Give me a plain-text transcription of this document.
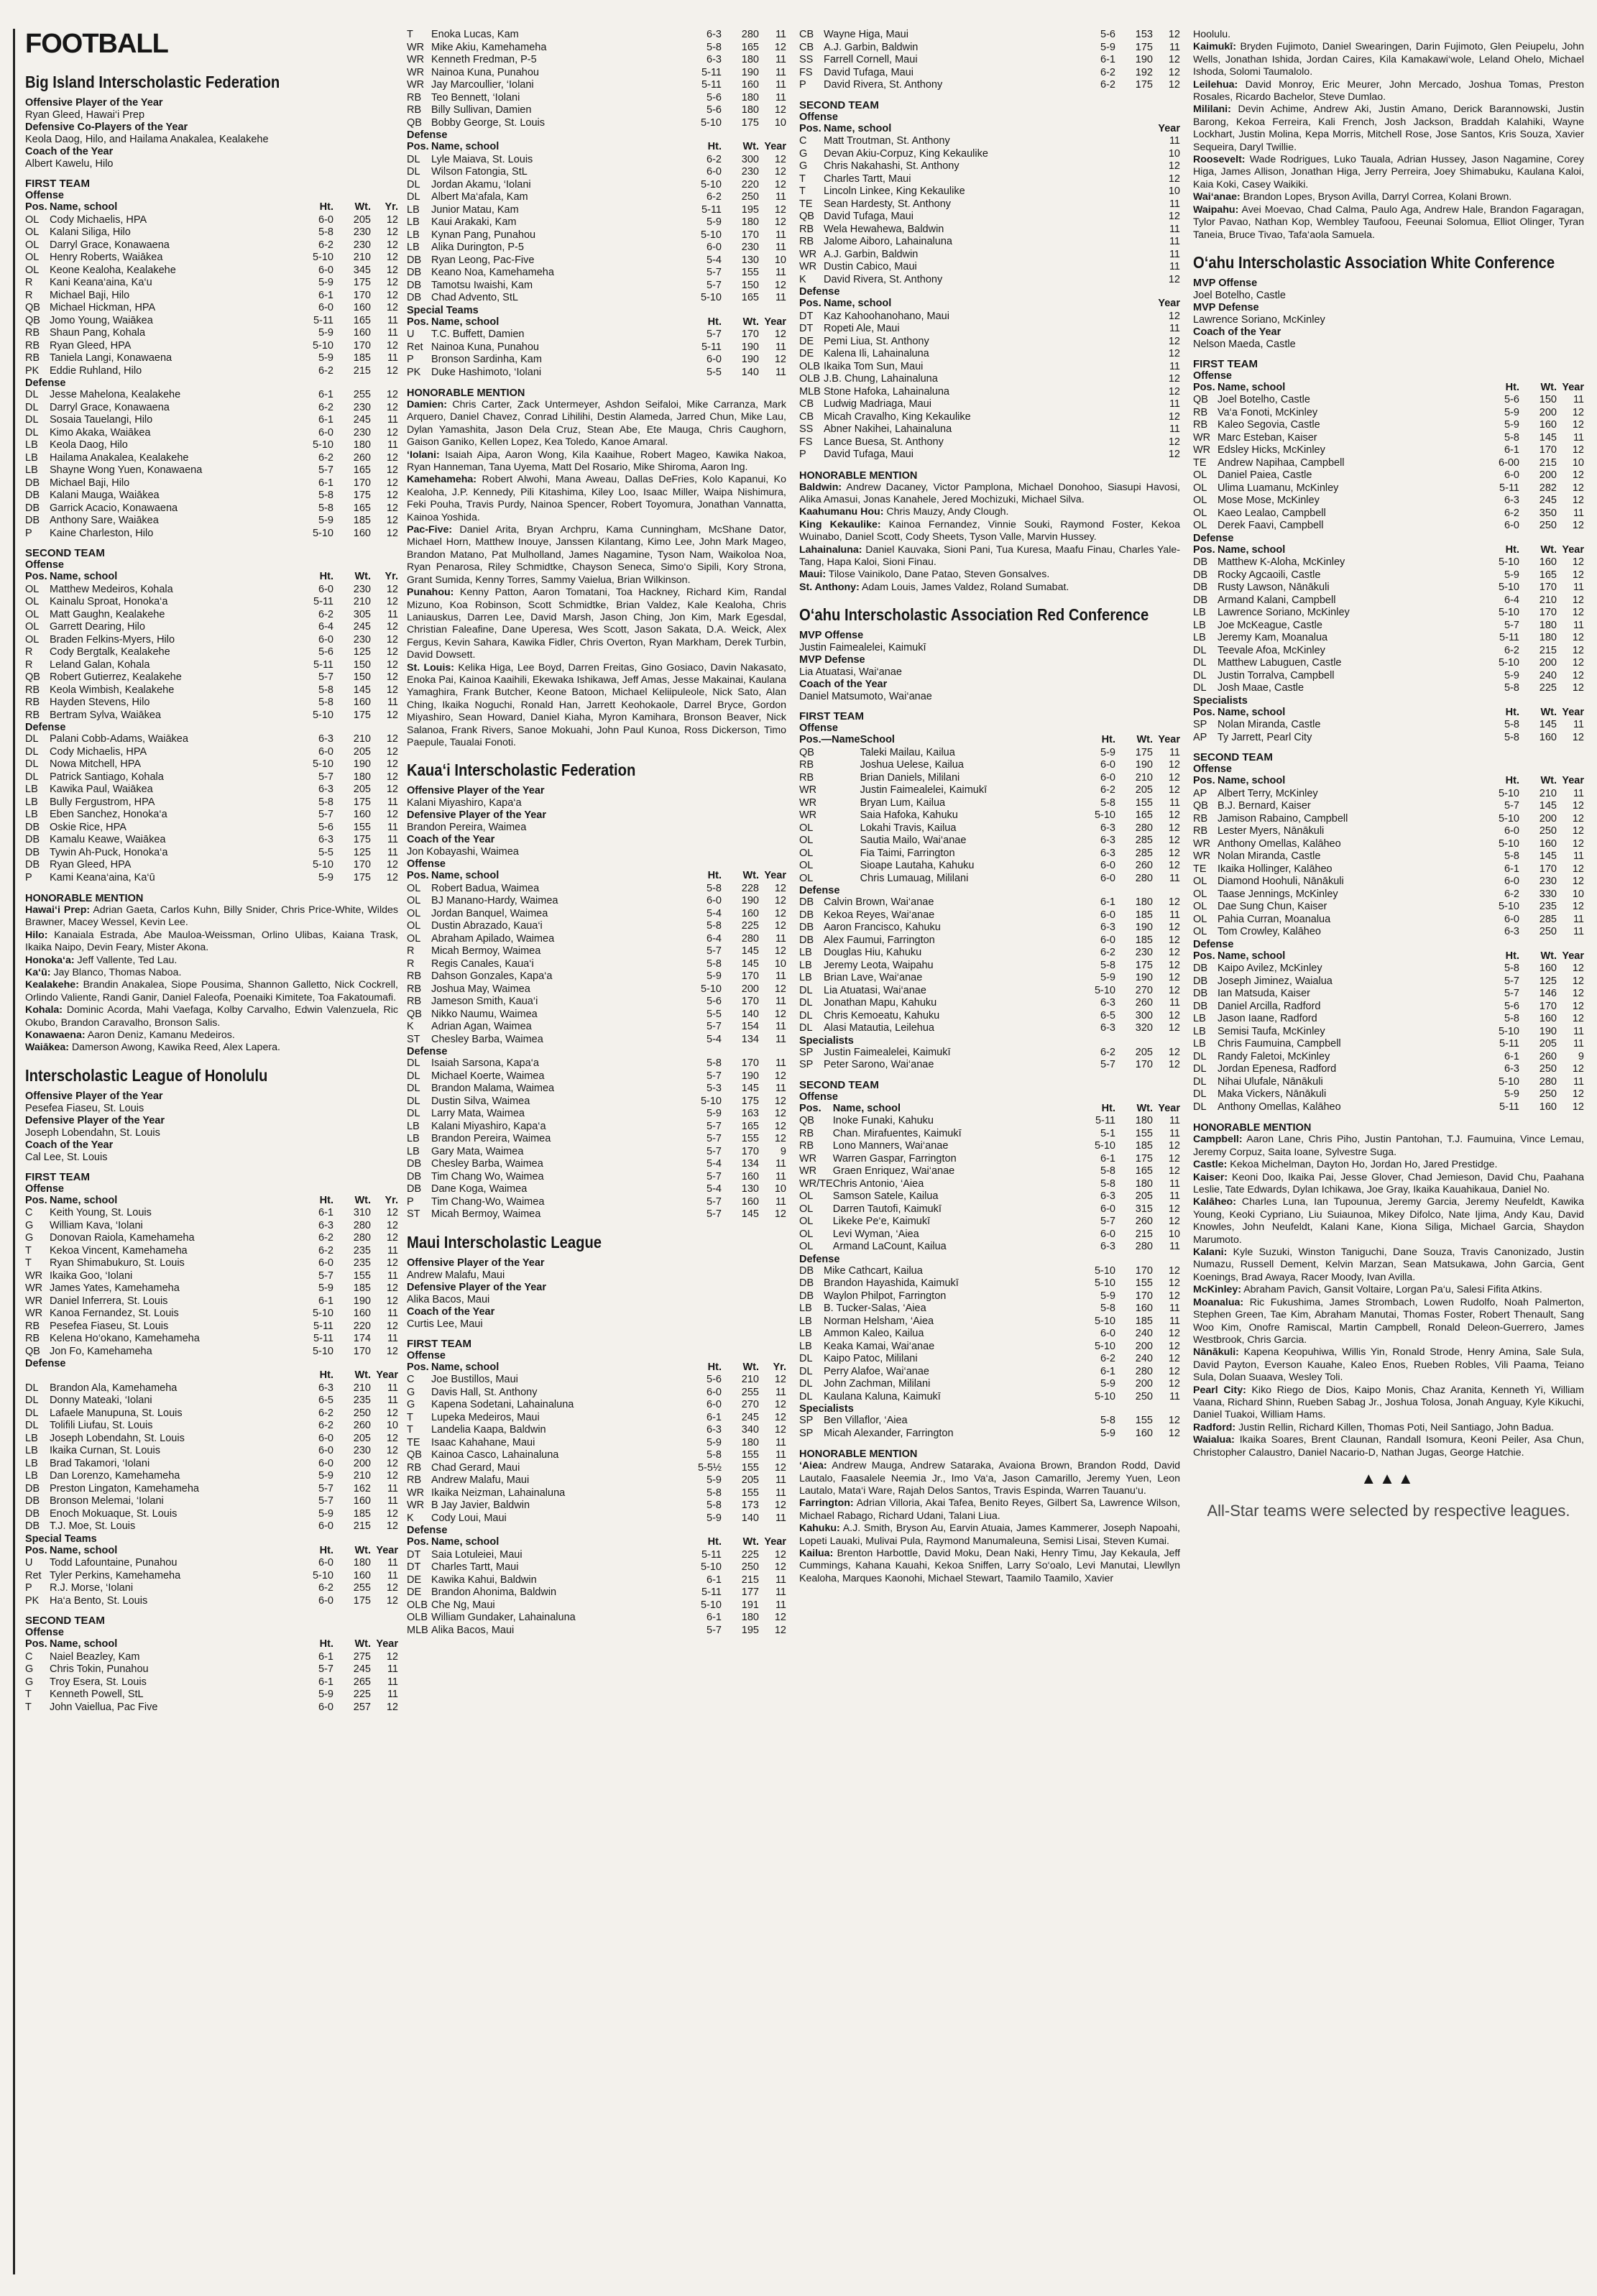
FOOTBALL
Big Island Interscholastic Federation
Offensive Player of the Year
Ryan Gleed, Hawai‘i Prep
Defensive Co-Players of the Year
Keola Daog, Hilo, and Hailama Anakalea, Kealakehe
Coach of the Year
Albert Kawelu, Hilo
FIRST TEAM
Offense
Pos.	Name, school	Ht.	Wt.	Yr.
OL	Cody Michaelis, HPA	6-0	205	12
OL	Kalani Siliga, Hilo	5-8	230	12
OL	Darryl Grace, Konawaena	6-2	230	12
OL	Henry Roberts, Waiākea	5-10	210	12
OL	Keone Kealoha, Kealakehe	6-0	345	12
R	Kani Keana‘aina, Ka‘u	5-9	175	12
R	Michael Baji, Hilo	6-1	170	12
QB	Michael Hickman, HPA	6-0	160	12
QB	Jomo Young, Waiākea	5-11	165	11
RB	Shaun Pang, Kohala	5-9	160	11
RB	Ryan Gleed, HPA	5-10	170	12
RB	Taniela Langi, Konawaena	5-9	185	11
PK	Eddie Ruhland, Hilo	6-2	215	12
Defense
DL	Jesse Mahelona, Kealakehe	6-1	255	12
DL	Darryl Grace, Konawaena	6-2	230	12
DL	Sosaia Tauelangi, Hilo	6-1	245	11
DL	Kimo Akaka, Waiākea	6-0	230	12
LB	Keola Daog, Hilo	5-10	180	11
LB	Hailama Anakalea, Kealakehe	6-2	260	12
LB	Shayne Wong Yuen, Konawaena	5-7	165	12
DB	Michael Baji, Hilo	6-1	170	12
DB	Kalani Mauga, Waiākea	5-8	175	12
DB	Garrick Acacio, Konawaena	5-8	165	12
DB	Anthony Sare, Waiākea	5-9	185	12
P	Kaine Charleston, Hilo	5-10	160	12
SECOND TEAM
Offense
Pos.	Name, school	Ht.	Wt.	Yr.
OL	Matthew Medeiros, Kohala	6-0	230	12
OL	Kainalu Sproat, Honoka‘a	5-11	210	12
OL	Matt Gaughn, Kealakehe	6-2	305	11
OL	Garrett Dearing, Hilo	6-4	245	12
OL	Braden Felkins-Myers, Hilo	6-0	230	12
R	Cody Bergtalk, Kealakehe	5-6	125	12
R	Leland Galan, Kohala	5-11	150	12
QB	Robert Gutierrez, Kealakehe	5-7	150	12
RB	Keola Wimbish, Kealakehe	5-8	145	12
RB	Hayden Stevens, Hilo	5-8	160	11
RB	Bertram Sylva, Waiākea	5-10	175	12
Defense
DL	Palani Cobb-Adams, Waiākea	6-3	210	12
DL	Cody Michaelis, HPA	6-0	205	12
DL	Nowa Mitchell, HPA	5-10	190	12
DL	Patrick Santiago, Kohala	5-7	180	12
LB	Kawika Paul, Waiākea	6-3	205	12
LB	Bully Fergustrom, HPA	5-8	175	11
LB	Eben Sanchez, Honoka‘a	5-7	160	12
DB	Oskie Rice, HPA	5-6	155	11
DB	Kamalu Keawe, Waiākea	6-3	175	11
DB	Tywin Ah-Puck, Honoka‘a	5-5	125	11
DB	Ryan Gleed, HPA	5-10	170	12
P	Kami Keana‘aina, Ka‘ū	5-9	175	12
HONORABLE MENTION

Hawai‘i Prep: Adrian Gaeta, Carlos Kuhn, Billy Snider, Chris Price-White, Wildes Brawner, Macey Wessel, Kevin Lee.

Hilo: Kanaiala Estrada, Abe Mauloa-Weissman, Orlino Ulibas, Kaiana Trask, Ikaika Naipo, Devin Feary, Mister Akona.

Honoka‘a: Jeff Vallente, Ted Lau.

Ka‘ū: Jay Blanco, Thomas Naboa.

Kealakehe: Brandin Anakalea, Siope Pousima, Shannon Galletto, Nick Cockrell, Orlindo Valiente, Randi Ganir, Daniel Faleofa, Poenaiki Kimitete, Toa Fakatoumafi.

Kohala: Dominic Acorda, Mahi Vaefaga, Kolby Carvalho, Edwin Valenzuela, Ric Okubo, Brandon Caravalho, Bronson Salis.

Konawaena: Aaron Deniz, Kamanu Medeiros.

Waiākea: Damerson Awong, Kawika Reed, Alex Lapera.

Interscholastic League of Honolulu
Offensive Player of the Year
Pesefea Fiaseu, St. Louis
Defensive Player of the Year
Joseph Lobendahn, St. Louis
Coach of the Year
Cal Lee, St. Louis
FIRST TEAM
Offense
Pos.	Name, school	Ht.	Wt.	Yr.
C	Keith Young, St. Louis	6-1	310	12
G	William Kava, ‘Iolani	6-3	280	12
G	Donovan Raiola, Kamehameha	6-2	280	12
T	Kekoa Vincent, Kamehameha	6-2	235	11
T	Ryan Shimabukuro, St. Louis	6-0	235	12
WR	Ikaika Goo, ‘Iolani	5-7	155	11
WR	James Yates, Kamehameha	5-9	185	12
WR	Daniel Inferrera, St. Louis	6-1	190	12
WR	Kanoa Fernandez, St. Louis	5-10	160	11
RB	Pesefea Fiaseu, St. Louis	5-11	220	12
RB	Kelena Ho‘okano, Kamehameha	5-11	174	11
QB	Jon Fo, Kamehameha	5-10	170	12
Defense
		Ht.	Wt.	Year
DL	Brandon Ala, Kamehameha	6-3	210	11
DL	Donny Mateaki, ‘Iolani	6-5	235	11
DL	Lafaele Manupuna, St. Louis	6-2	250	12
DL	Tolifili Liufau, St. Louis	6-2	260	10
LB	Joseph Lobendahn, St. Louis	6-0	205	12
LB	Ikaika Curnan, St. Louis	6-0	230	12
LB	Brad Takamori, ‘Iolani	6-0	200	12
LB	Dan Lorenzo, Kamehameha	5-9	210	12
DB	Preston Lingaton, Kamehameha	5-7	162	11
DB	Bronson Melemai, ‘Iolani	5-7	160	11
DB	Enoch Mokuaque, St. Louis	5-9	185	12
DB	T.J. Moe, St. Louis	6-0	215	12
Special Teams
Pos.	Name, school	Ht.	Wt.	Year
U	Todd Lafountaine, Punahou	6-0	180	11
Ret	Tyler Perkins, Kamehameha	5-10	160	11
P	R.J. Morse, ‘Iolani	6-2	255	12
PK	Ha‘a Bento, St. Louis	6-0	175	12
SECOND TEAM
Offense
Pos.	Name, school	Ht.	Wt.	Year
C	Naiel Beazley, Kam	6-1	275	12
G	Chris Tokin, Punahou	5-7	245	11
G	Troy Esera, St. Louis	6-1	265	11
T	Kenneth Powell, StL	5-9	225	11
T	John Vaiellua, Pac Five	6-0	257	12
T	Enoka Lucas, Kam	6-3	280	11
WR	Mike Akiu, Kamehameha	5-8	165	12
WR	Kenneth Fredman, P-5	6-3	180	11
WR	Nainoa Kuna, Punahou	5-11	190	11
WR	Jay Marcoullier, ‘Iolani	5-11	160	11
RB	Teo Bennett, ‘Iolani	5-6	180	11
RB	Billy Sullivan, Damien	5-6	180	12
QB	Bobby George, St. Louis	5-10	175	10
Defense
Pos.	Name, school	Ht.	Wt.	Year
DL	Lyle Maiava, St. Louis	6-2	300	12
DL	Wilson Fatongia, StL	6-0	230	12
DL	Jordan Akamu, ‘Iolani	5-10	220	12
DL	Albert Ma‘afala, Kam	6-2	250	11
LB	Junior Matau, Kam	5-11	195	12
LB	Kaui Arakaki, Kam	5-9	180	12
LB	Kynan Pang, Punahou	5-10	170	11
LB	Alika Durington, P-5	6-0	230	11
DB	Ryan Leong, Pac-Five	5-4	130	10
DB	Keano Noa, Kamehameha	5-7	155	11
DB	Tamotsu Iwaishi, Kam	5-7	150	12
DB	Chad Advento, StL	5-10	165	11
Special Teams
Pos.	Name, school	Ht.	Wt.	Year
U	T.C. Buffett, Damien	5-7	170	12
Ret	Nainoa Kuna, Punahou	5-11	190	11
P	Bronson Sardinha, Kam	6-0	190	12
PK	Duke Hashimoto, ‘Iolani	5-5	140	11
HONORABLE MENTION

Damien: Chris Carter, Zack Untermeyer, Ashdon Seifaloi, Mike Carranza, Mark Arquero, Daniel Chavez, Conrad Lihilihi, Destin Alameda, Jarred Chun, Mike Lau, Dylan Yamashita, Jason Dela Cruz, Stean Abe, Ete Mauga, Chris Caughorn, Gaison Ganiko, Kellen Lopez, Kea Toledo, Kanoe Amaral.

‘Iolani: Isaiah Aipa, Aaron Wong, Kila Kaaihue, Robert Mageo, Kawika Nakoa, Ryan Hanneman, Tana Uyema, Matt Del Rosario, Mike Shiroma, Aaron Ing.

Kamehameha: Robert Alwohi, Mana Aweau, Dallas DeFries, Kolo Kapanui, Ko Kealoha, J.P. Kennedy, Pili Kitashima, Kiley Loo, Isaac Miller, Waipa Nishimura, Feki Pouha, Travis Purdy, Nainoa Spencer, Robert Toyomura, Jonathan Vannatta, Kainoa Yoshida.

Pac-Five: Daniel Arita, Bryan Archpru, Kama Cunningham, McShane Dator, Michael Horn, Matthew Inouye, Janssen Kilantang, Kimo Lee, John Mark Mageo, Brandon Matano, Pat Mulholland, James Nagamine, Tyson Nam, Waikoloa Noa, Ryan Penarosa, Riley Schmidtke, Chayson Seneca, Simo‘o Sipili, Kory Strona, Grant Sumida, Kenny Torres, Sammy Vaielua, Brian Wilkinson.

Punahou: Kenny Patton, Aaron Tomatani, Toa Hackney, Richard Kim, Randal Mizuno, Koa Robinson, Scott Schmidtke, Brian Valdez, Kale Kealoha, Chris Laniauskus, Darren Lee, David Marsh, Jason Ching, Jon Kim, Mark Egesdal, Christian Faleafine, Dane Uperesa, Wes Scott, Jason Sakata, D.A. Weick, Alex Fergus, Kevin Sahara, Kawika Fidler, Chris Overton, Ryan Markham, Derek Turbin, David Dowsett.

St. Louis: Kelika Higa, Lee Boyd, Darren Freitas, Gino Gosiaco, Davin Nakasato, Enoka Pai, Kainoa Kaaihili, Ekewaka Ishikawa, Jeff Amas, Jesse Makainai, Kaulana Yamaghira, Frank Butcher, Keone Batoon, Michael Keliipuleole, Nick Sato, Alan Ching, Ikaika Noguchi, Ronald Han, Jarrett Keohokaole, Darrel Bryce, Gordon Miyashiro, Sean Howard, Daniel Kiaha, Myron Kamihara, Bronson Beaver, Nick Salanoa, Frank Rivers, Sanoe Mokuahi, John Paul Kunoa, Ross Dickerson, Timo Paepule, Taualai Fonoti.

Kaua‘i Interscholastic Federation
Offensive Player of the Year
Kalani Miyashiro, Kapa‘a
Defensive Player of the Year
Brandon Pereira, Waimea
Coach of the Year
Jon Kobayashi, Waimea
Offense
Pos.	Name, school	Ht.	Wt.	Year
OL	Robert Badua, Waimea	5-8	228	12
OL	BJ Manano-Hardy, Waimea	6-0	190	12
OL	Jordan Banquel, Waimea	5-4	160	12
OL	Dustin Abrazado, Kaua‘i	5-8	225	12
OL	Abraham Apilado, Waimea	6-4	280	11
R	Micah Bermoy, Waimea	5-7	145	12
R	Regis Canales, Kaua‘i	5-8	145	10
RB	Dahson Gonzales, Kapa‘a	5-9	170	11
RB	Joshua May, Waimea	5-10	200	12
RB	Jameson Smith, Kaua‘i	5-6	170	11
QB	Nikko Naumu, Waimea	5-5	140	12
K	Adrian Agan, Waimea	5-7	154	11
ST	Chesley Barba, Waimea	5-4	134	11
Defense
DL	Isaiah Sarsona, Kapa‘a	5-8	170	11
DL	Michael Koerte, Waimea	5-7	190	12
DL	Brandon Malama, Waimea	5-3	145	11
DL	Dustin Silva, Waimea	5-10	175	12
DL	Larry Mata, Waimea	5-9	163	12
LB	Kalani Miyashiro, Kapa‘a	5-7	165	12
LB	Brandon Pereira, Waimea	5-7	155	12
LB	Gary Mata, Waimea	5-7	170	9
DB	Chesley Barba, Waimea	5-4	134	11
DB	Tim Chang Wo, Waimea	5-7	160	11
DB	Dane Koga, Waimea	5-4	130	10
P	Tim Chang-Wo, Waimea	5-7	160	11
ST	Micah Bermoy, Waimea	5-7	145	12
Maui Interscholastic League
Offensive Player of the Year
Andrew Malafu, Maui
Defensive Player of the Year
Alika Bacos, Maui
Coach of the Year
Curtis Lee, Maui
FIRST TEAM
Offense
Pos.	Name, school	Ht.	Wt.	Yr.
C	Joe Bustillos, Maui	5-6	210	12
G	Davis Hall, St. Anthony	6-0	255	11
G	Kapena Sodetani, Lahainaluna	6-0	270	12
T	Lupeka Medeiros, Maui	6-1	245	12
T	Landelia Kaapa, Baldwin	6-3	340	12
TE	Isaac Kahahane, Maui	5-9	180	11
QB	Kainoa Casco, Lahainaluna	5-8	155	11
RB	Chad Gerard, Maui	5-5½	155	12
RB	Andrew Malafu, Maui	5-9	205	11
WR	Ikaika Neizman, Lahainaluna	5-8	155	11
WR	B Jay Javier, Baldwin	5-8	173	12
K	Cody Loui, Maui	5-9	140	11
Defense
Pos.	Name, school	Ht.	Wt.	Year
DT	Saia Lotuleiei, Maui	5-11	225	12
DT	Charles Tartt, Maui	5-10	250	12
DE	Kawika Kahui, Baldwin	6-1	215	11
DE	Brandon Ahonima, Baldwin	5-11	177	11
OLB	Che Ng, Maui	5-10	191	11
OLB	William Gundaker, Lahainaluna	6-1	180	12
MLB	Alika Bacos, Maui	5-7	195	12
CB	Wayne Higa, Maui	5-6	153	12
CB	A.J. Garbin, Baldwin	5-9	175	11
SS	Farrell Cornell, Maui	6-1	190	12
FS	David Tufaga, Maui	6-2	192	12
P	David Rivera, St. Anthony	6-2	175	12
SECOND TEAM
Offense
Pos.	Name, school			Year
C	Matt Troutman, St. Anthony			11
G	Devan Akiu-Corpuz, King Kekaulike			10
G	Chris Nakahashi, St. Anthony			12
T	Charles Tartt, Maui			12
T	Lincoln Linkee, King Kekaulike			10
TE	Sean Hardesty, St. Anthony			11
QB	David Tufaga, Maui			12
RB	Wela Hewahewa, Baldwin			11
RB	Jalome Aiboro, Lahainaluna			11
WR	A.J. Garbin, Baldwin			11
WR	Dustin Cabico, Maui			11
K	David Rivera, St. Anthony			12
Defense
Pos.	Name, school			Year
DT	Kaz Kahoohanohano, Maui			12
DT	Ropeti Ale, Maui			11
DE	Pemi Liua, St. Anthony			12
DE	Kalena Ili, Lahainaluna			12
OLB	Ikaika Tom Sun, Maui			11
OLB	J.B. Chung, Lahainaluna			12
MLB	Stone Hafoka, Lahainaluna			12
CB	Ludwig Madriaga, Maui			11
CB	Micah Cravalho, King Kekaulike			12
SS	Abner Nakihei, Lahainaluna			11
FS	Lance Buesa, St. Anthony			12
P	David Tufaga, Maui			12
HONORABLE MENTION

Baldwin: Andrew Dacaney, Victor Pamplona, Michael Donohoo, Siasupi Havosi, Alika Amasui, Jonas Kanahele, Jered Mochizuki, Michael Silva.

Kaahumanu Hou: Chris Mauzy, Andy Clough.

King Kekaulike: Kainoa Fernandez, Vinnie Souki, Raymond Foster, Kekoa Wuinabo, Daniel Scott, Cody Sheets, Tyson Valle, Marvin Hussey.

Lahainaluna: Daniel Kauvaka, Sioni Pani, Tua Kuresa, Maafu Finau, Charles Yale-Tang, Hapa Kaloi, Sioni Finau.

Maui: Tilose Vainikolo, Dane Patao, Steven Gonsalves.

St. Anthony: Adam Louis, James Valdez, Roland Sumabat.

O‘ahu Interscholastic Association Red Conference
MVP Offense
Justin Faimealelei, Kaimukī
MVP Defense
Lia Atuatasi, Wai‘anae
Coach of the Year
Daniel Matsumoto, Wai‘anae
FIRST TEAM
Offense
Pos.—Name	School	Ht.	Wt.	Year
QB	Taleki Mailau, Kailua	5-9	175	11
RB	Joshua Uelese, Kailua	6-0	190	12
RB	Brian Daniels, Mililani	6-0	210	12
WR	Justin Faimealelei, Kaimukī	6-2	205	12
WR	Bryan Lum, Kailua	5-8	155	11
WR	Saia Hafoka, Kahuku	5-10	165	12
OL	Lokahi Travis, Kailua	6-3	280	12
OL	Sautia Mailo, Wai‘anae	6-3	285	12
OL	Fia Taimi, Farrington	6-3	285	12
OL	Sioape Lautaha, Kahuku	6-0	260	12
OL	Chris Lumauag, Mililani	6-0	280	11
Defense
DB	Calvin Brown, Wai‘anae	6-1	180	12
DB	Kekoa Reyes, Wai‘anae	6-0	185	11
DB	Aaron Francisco, Kahuku	6-3	190	12
DB	Alex Faumui, Farrington	6-0	185	12
LB	Douglas Hiu, Kahuku	6-2	230	12
LB	Jeremy Leota, Waipahu	5-8	175	12
LB	Brian Lave, Wai‘anae	5-9	190	12
DL	Lia Atuatasi, Wai‘anae	5-10	270	12
DL	Jonathan Mapu, Kahuku	6-3	260	11
DL	Chris Kemoeatu, Kahuku	6-5	300	12
DL	Alasi Matautia, Leilehua	6-3	320	12
Specialists
SP	Justin Faimealelei, Kaimukī	6-2	205	12
SP	Peter Sarono, Wai‘anae	5-7	170	12
SECOND TEAM
Offense
Pos.	Name, school	Ht.	Wt.	Year
QB	Inoke Funaki, Kahuku	5-11	180	11
RB	Chan. Mirafuentes, Kaimukī	5-1	155	11
RB	Lono Manners, Wai‘anae	5-10	185	12
WR	Warren Gaspar, Farrington	6-1	175	12
WR	Graen Enriquez, Wai‘anae	5-8	165	12
WR/TE	Chris Antonio, ‘Aiea	5-8	180	11
OL	Samson Satele, Kailua	6-3	205	11
OL	Darren Tautofi, Kaimukī	6-0	315	12
OL	Likeke Pe‘e, Kaimukī	5-7	260	12
OL	Levi Wyman, ‘Aiea	6-0	215	10
OL	Armand LaCount, Kailua	6-3	280	11
Defense
DB	Mike Cathcart, Kailua	5-10	170	12
DB	Brandon Hayashida, Kaimukī	5-10	155	12
DB	Waylon Philpot, Farrington	5-9	170	12
LB	B. Tucker-Salas, ‘Aiea	5-8	160	11
LB	Norman Helsham, ‘Aiea	5-10	185	11
LB	Ammon Kaleo, Kailua	6-0	240	12
LB	Keaka Kamai, Wai‘anae	5-10	200	12
DL	Kaipo Patoc, Mililani	6-2	240	12
DL	Perry Alafoe, Wai‘anae	6-1	280	12
DL	John Zachman, Mililani	5-9	200	12
DL	Kaulana Kaluna, Kaimukī	5-10	250	11
Specialists
SP	Ben Villaflor, ‘Aiea	5-8	155	12
SP	Micah Alexander, Farrington	5-9	160	12
HONORABLE MENTION

‘Aiea: Andrew Mauga, Andrew Sataraka, Avaiona Brown, Brandon Rodd, David Lautalo, Faasalele Neemia Jr., Imo Va‘a, Jason Camarillo, Jeremy Yuen, Leon Lautalo, Mata‘i Ware, Rajah Delos Santos, Travis Espinda, Warren Tauanu‘u.

Farrington: Adrian Villoria, Akai Tafea, Benito Reyes, Gilbert Sa, Lawrence Wilson, Michael Rabago, Richard Udani, Talani Liua.

Kahuku: A.J. Smith, Bryson Au, Earvin Atuaia, James Kammerer, Joseph Napoahi, Lopeti Lauaki, Mulivai Pula, Raymond Manumaleuna, Semisi Lisai, Steven Kumai.

Kailua: Brenton Harbottle, David Moku, Dean Naki, Henry Timu, Jay Kekaula, Jeff Cummings, Kahana Kauahi, Kekoa Sniffen, Larry So‘oalo, Levi Manutai, Llewllyn Kealoha, Marques Kaonohi, Michael Stewart, Taamilo Taamilo, Xavier

Hoolulu.

Kaimukī: Bryden Fujimoto, Daniel Swearingen, Darin Fujimoto, Glen Peiupelu, John Wells, Jonathan Ishida, Jordan Caires, Kila Kamakawi‘wole, Leland Ohelo, Michael Ishoda, Solomi Taumalolo.

Leilehua: David Monroy, Eric Meurer, John Mercado, Joshua Tomas, Preston Rosales, Ricardo Bachelor, Steve Dumlao.

Mililani: Devin Achime, Andrew Aki, Justin Amano, Derick Barannowski, Justin Barong, Kekoa Ferreira, Kali French, Josh Jackson, Braddah Kalahiki, Wayne Lockhart, Justin Molina, Kepa Morris, Mitchell Rose, Jose Santos, Kris Souza, Xavier Sequeira, Daryl Twillie.

Roosevelt: Wade Rodrigues, Luko Tauala, Adrian Hussey, Jason Nagamine, Corey Higa, James Allison, Jonathan Higa, Jerry Perreira, Joey Shimabuku, Kaulana Kaloi, Kaia Koki, Casey Waikiki.

Wai‘anae: Brandon Lopes, Bryson Avilla, Darryl Correa, Kolani Brown.

Waipahu: Avei Moevao, Chad Calma, Paulo Aga, Andrew Hale, Brandon Fagaragan, Tylor Pavao, Nathan Kop, Wembley Taufoou, Feeunai Solomua, Elliot Olinger, Tyran Taneia, Bruce Tivao, Tafa‘aola Samuela.

O‘ahu Interscholastic Association White Conference
MVP Offense
Joel Botelho, Castle
MVP Defense
Lawrence Soriano, McKinley
Coach of the Year
Nelson Maeda, Castle
FIRST TEAM
Offense
Pos.	Name, school	Ht.	Wt.	Year
QB	Joel Botelho, Castle	5-6	150	11
RB	Va‘a Fonoti, McKinley	5-9	200	12
RB	Kaleo Segovia, Castle	5-9	160	12
WR	Marc Esteban, Kaiser	5-8	145	11
WR	Edsley Hicks, McKinley	6-1	170	12
TE	Andrew Napihaa, Campbell	6-00	215	10
OL	Daniel Paiea, Castle	6-0	200	12
OL	Ulima Luamanu, McKinley	5-11	282	12
OL	Mose Mose, McKinley	6-3	245	12
OL	Kaeo Lealao, Campbell	6-2	350	11
OL	Derek Faavi, Campbell	6-0	250	12
Defense
Pos.	Name, school	Ht.	Wt.	Year
DB	Matthew K-Aloha, McKinley	5-10	160	12
DB	Rocky Agcaoili, Castle	5-9	165	12
DB	Rusty Lawson, Nānākuli	5-10	170	11
DB	Armand Kalani, Campbell	6-4	210	12
LB	Lawrence Soriano, McKinley	5-10	170	12
LB	Joe McKeague, Castle	5-7	180	11
LB	Jeremy Kam, Moanalua	5-11	180	12
DL	Teevale Afoa, McKinley	6-2	215	12
DL	Matthew Labuguen, Castle	5-10	200	12
DL	Justin Torralva, Campbell	5-9	240	12
DL	Josh Maae, Castle	5-8	225	12
Specialists
Pos.	Name, school	Ht.	Wt.	Year
SP	Nolan Miranda, Castle	5-8	145	11
AP	Ty Jarrett, Pearl City	5-8	160	12
SECOND TEAM
Offense
Pos.	Name, school	Ht.	Wt.	Year
AP	Albert Terry, McKinley	5-10	210	11
QB	B.J. Bernard, Kaiser	5-7	145	12
RB	Jamison Rabaino, Campbell	5-10	200	12
RB	Lester Myers, Nānākuli	6-0	250	12
WR	Anthony Omellas, Kalāheo	5-10	160	12
WR	Nolan Miranda, Castle	5-8	145	11
TE	Ikaika Hollinger, Kalāheo	6-1	170	12
OL	Diamond Hoohuli, Nānākuli	6-0	230	12
OL	Taase Jennings, McKinley	6-2	330	10
OL	Dae Sung Chun, Kaiser	5-10	235	12
OL	Pahia Curran, Moanalua	6-0	285	11
OL	Tom Crowley, Kalāheo	6-3	250	11
Defense
Pos.	Name, school	Ht.	Wt.	Year
DB	Kaipo Avilez, McKinley	5-8	160	12
DB	Joseph Jiminez, Waialua	5-7	125	12
DB	Ian Matsuda, Kaiser	5-7	146	12
DB	Daniel Arcilla, Radford	5-6	170	12
LB	Jason Iaane, Radford	5-8	160	12
LB	Semisi Taufa, McKinley	5-10	190	11
LB	Chris Faumuina, Campbell	5-11	205	11
DL	Randy Faletoi, McKinley	6-1	260	9
DL	Jordan Epenesa, Radford	6-3	250	12
DL	Nihai Ulufale, Nānākuli	5-10	280	11
DL	Maka Vickers, Nānākuli	5-9	250	12
DL	Anthony Omellas, Kalāheo	5-11	160	12
HONORABLE MENTION

Campbell: Aaron Lane, Chris Piho, Justin Pantohan, T.J. Faumuina, Vince Lemau, Jeremy Corpuz, Saita Ioane, Sylvestre Suga.

Castle: Kekoa Michelman, Dayton Ho, Jordan Ho, Jared Prestidge.

Kaiser: Keoni Doo, Ikaika Pai, Jesse Glover, Chad Jemieson, David Chu, Paahana Leslie, Tate Edwards, Dylan Ichikawa, Joe Gray, Ikaika Kauahikaua, Daniel No.

Kalāheo: Charles Luna, Ian Tupounua, Jeremy Garcia, Jeremy Neufeldt, Kawika Young, Keoki Cypriano, Liu Suiaunoa, Mikey Difolco, Nate Ijima, Andy Kau, David Knowles, John Neufeldt, Kalani Kane, Kiona Siliga, Michael Garcia, Shaydon Marumoto.

Kalani: Kyle Suzuki, Winston Taniguchi, Dane Souza, Travis Canonizado, Justin Numazu, Russell Dement, Kelvin Marzan, Sean Matsukawa, John Garcia, Gent Koenings, Brad Awaya, Racer Moody, Ivan Avilla.

McKinley: Abraham Pavich, Gansit Voltaire, Lorgan Pa‘u, Salesi Fifita Atkins.

Moanalua: Ric Fukushima, James Strombach, Lowen Rudolfo, Noah Palmerton, Stephen Green, Tae Kim, Abraham Manutai, Thomas Foster, Robert Thenault, Sang Woo Kim, Onofre Ramiscal, Martin Campbell, Ronald Deleon-Guerrero, James Westbrook, Chris Garcia.

Nānākuli: Kapena Keopuhiwa, Willis Yin, Ronald Strode, Henry Amina, Sale Sula, David Payton, Everson Kauahe, Kaleo Enos, Rueben Robles, Vili Paama, Teiano Sula, Dolan Suaava, Wesley Toli.

Pearl City: Kiko Riego de Dios, Kaipo Monis, Chaz Aranita, Kenneth Yi, William Vaana, Richard Shinn, Rueben Sabag Jr., Joshua Tolosa, Jonah Anguay, Kyle Kikuchi, Daniel Tuakoi, William Hams.

Radford: Justin Rellin, Richard Killen, Thomas Poti, Neil Santiago, John Badua.

Waialua: Ikaika Soares, Brent Claunan, Randall Isomura, Keoni Peiler, Asa Chun, Christopher Calaustro, Daniel Nacario-D, Nathan Jugas, George Hatchie.

▲▲▲
All-Star teams were selected by respective leagues.
